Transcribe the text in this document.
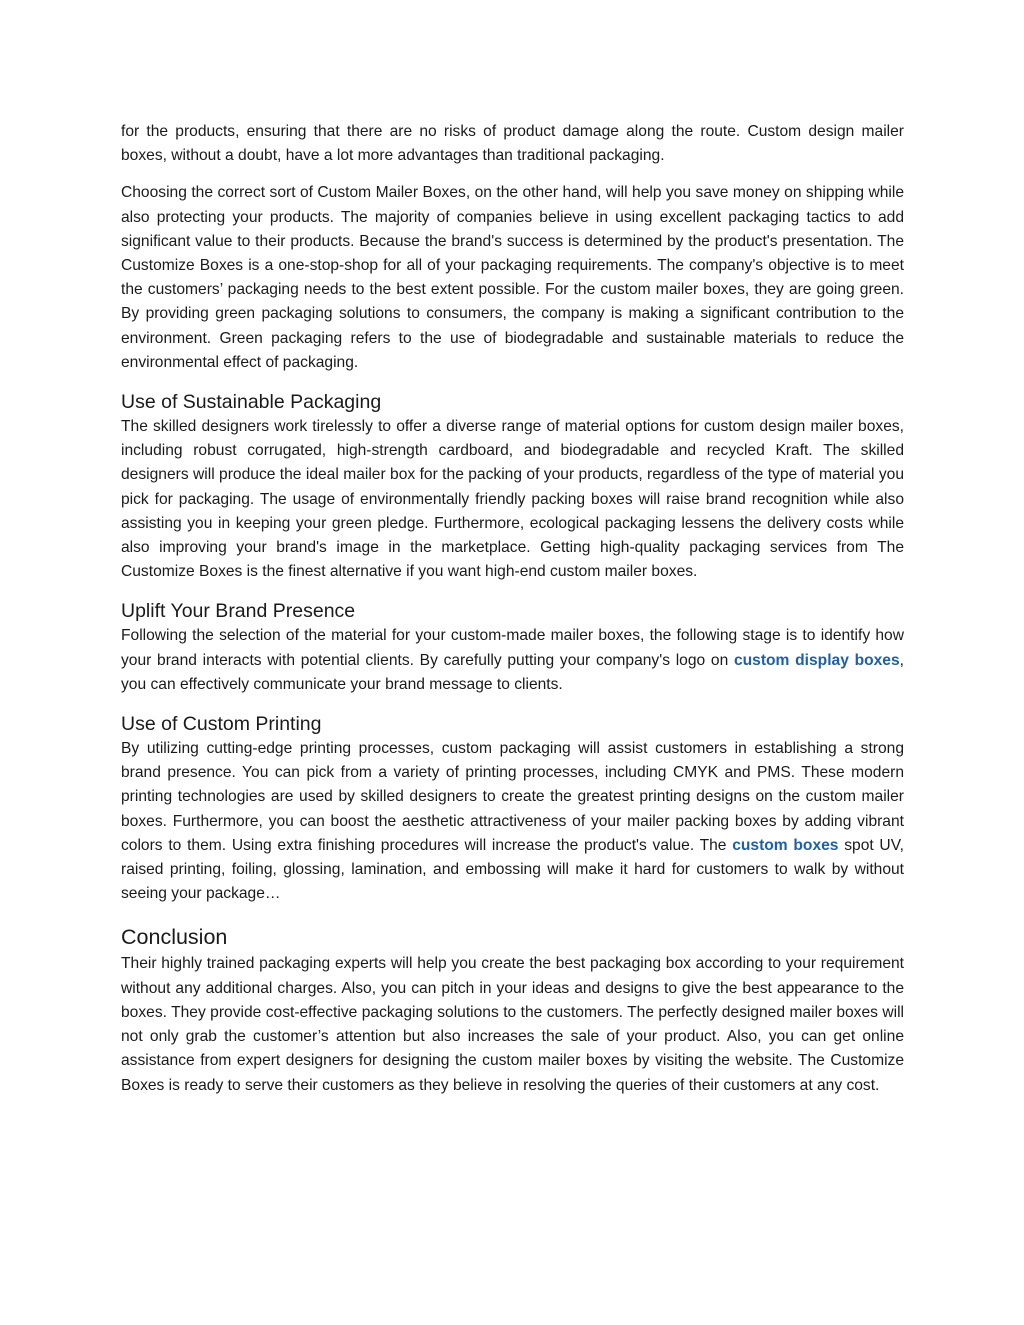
for the products, ensuring that there are no risks of product damage along the route. Custom design mailer boxes, without a doubt, have a lot more advantages than traditional packaging.

Choosing the correct sort of Custom Mailer Boxes, on the other hand, will help you save money on shipping while also protecting your products. The majority of companies believe in using excellent packaging tactics to add significant value to their products. Because the brand's success is determined by the product's presentation. The Customize Boxes is a one-stop-shop for all of your packaging requirements. The company's objective is to meet the customers’ packaging needs to the best extent possible. For the custom mailer boxes, they are going green. By providing green packaging solutions to consumers, the company is making a significant contribution to the environment. Green packaging refers to the use of biodegradable and sustainable materials to reduce the environmental effect of packaging.

Use of Sustainable Packaging

The skilled designers work tirelessly to offer a diverse range of material options for custom design mailer boxes, including robust corrugated, high-strength cardboard, and biodegradable and recycled Kraft. The skilled designers will produce the ideal mailer box for the packing of your products, regardless of the type of material you pick for packaging. The usage of environmentally friendly packing boxes will raise brand recognition while also assisting you in keeping your green pledge. Furthermore, ecological packaging lessens the delivery costs while also improving your brand's image in the marketplace. Getting high-quality packaging services from The Customize Boxes is the finest alternative if you want high-end custom mailer boxes.

Uplift Your Brand Presence

Following the selection of the material for your custom-made mailer boxes, the following stage is to identify how your brand interacts with potential clients. By carefully putting your company's logo on custom display boxes, you can effectively communicate your brand message to clients.

Use of Custom Printing

By utilizing cutting-edge printing processes, custom packaging will assist customers in establishing a strong brand presence. You can pick from a variety of printing processes, including CMYK and PMS. These modern printing technologies are used by skilled designers to create the greatest printing designs on the custom mailer boxes. Furthermore, you can boost the aesthetic attractiveness of your mailer packing boxes by adding vibrant colors to them. Using extra finishing procedures will increase the product's value. The custom boxes spot UV, raised printing, foiling, glossing, lamination, and embossing will make it hard for customers to walk by without seeing your package…

Conclusion

Their highly trained packaging experts will help you create the best packaging box according to your requirement without any additional charges. Also, you can pitch in your ideas and designs to give the best appearance to the boxes. They provide cost-effective packaging solutions to the customers. The perfectly designed mailer boxes will not only grab the customer’s attention but also increases the sale of your product. Also, you can get online assistance from expert designers for designing the custom mailer boxes by visiting the website. The Customize Boxes is ready to serve their customers as they believe in resolving the queries of their customers at any cost.
